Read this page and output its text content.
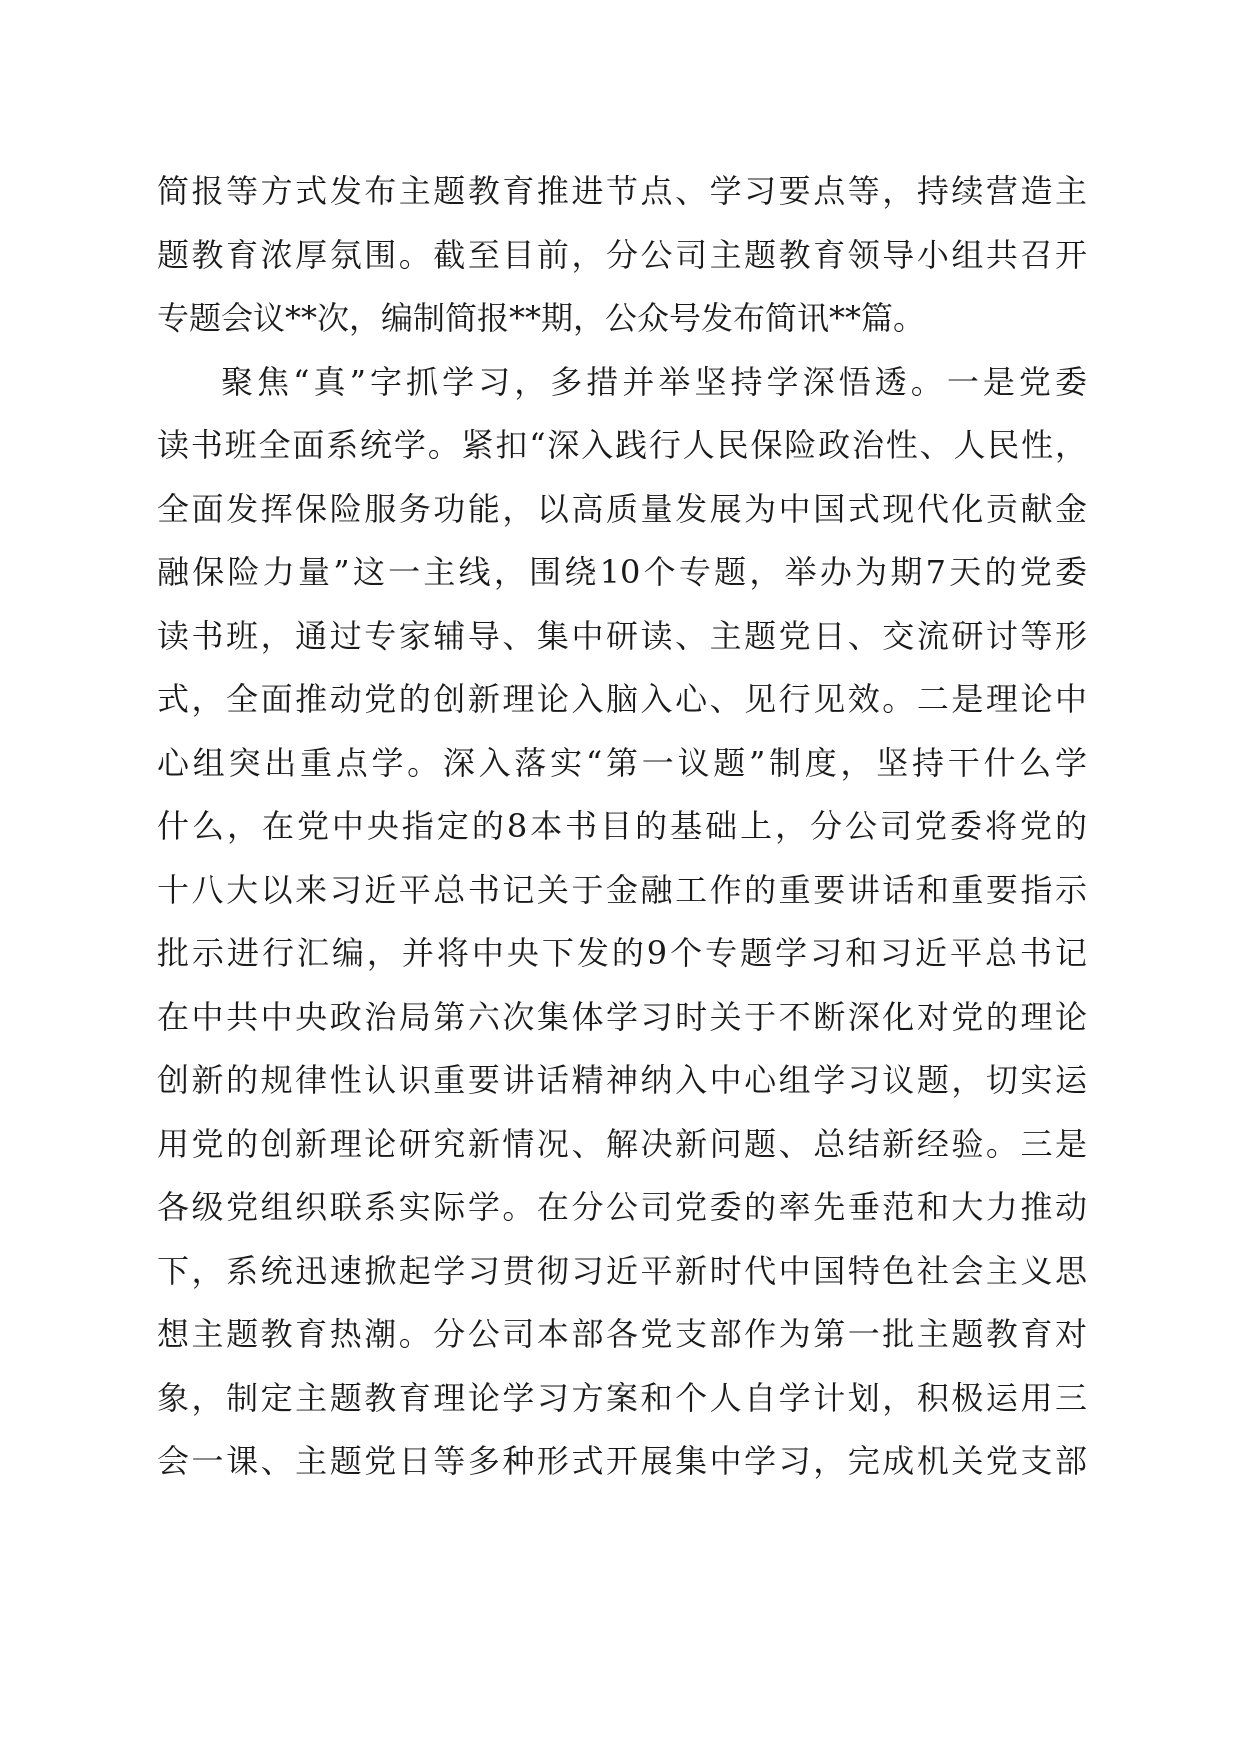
简报等方式发布主题教育推进节点、学习要点等，持续营造主
题教育浓厚氛围。截至目前，分公司主题教育领导小组共召开
专题会议**次，编制简报**期，公众号发布简讯**篇。
聚焦“真”字抓学习，多措并举坚持学深悟透。一是党委
读书班全面系统学。紧扣“深入践行人民保险政治性、人民性，
全面发挥保险服务功能，以高质量发展为中国式现代化贡献金
融保险力量”这一主线，围绕10个专题，举办为期7天的党委
读书班，通过专家辅导、集中研读、主题党日、交流研讨等形
式，全面推动党的创新理论入脑入心、见行见效。二是理论中
心组突出重点学。深入落实“第一议题”制度，坚持干什么学
什么，在党中央指定的8本书目的基础上，分公司党委将党的
十八大以来习近平总书记关于金融工作的重要讲话和重要指示
批示进行汇编，并将中央下发的9个专题学习和习近平总书记
在中共中央政治局第六次集体学习时关于不断深化对党的理论
创新的规律性认识重要讲话精神纳入中心组学习议题，切实运
用党的创新理论研究新情况、解决新问题、总结新经验。三是
各级党组织联系实际学。在分公司党委的率先垂范和大力推动
下，系统迅速掀起学习贯彻习近平新时代中国特色社会主义思
想主题教育热潮。分公司本部各党支部作为第一批主题教育对
象，制定主题教育理论学习方案和个人自学计划，积极运用三
会一课、主题党日等多种形式开展集中学习，完成机关党支部
